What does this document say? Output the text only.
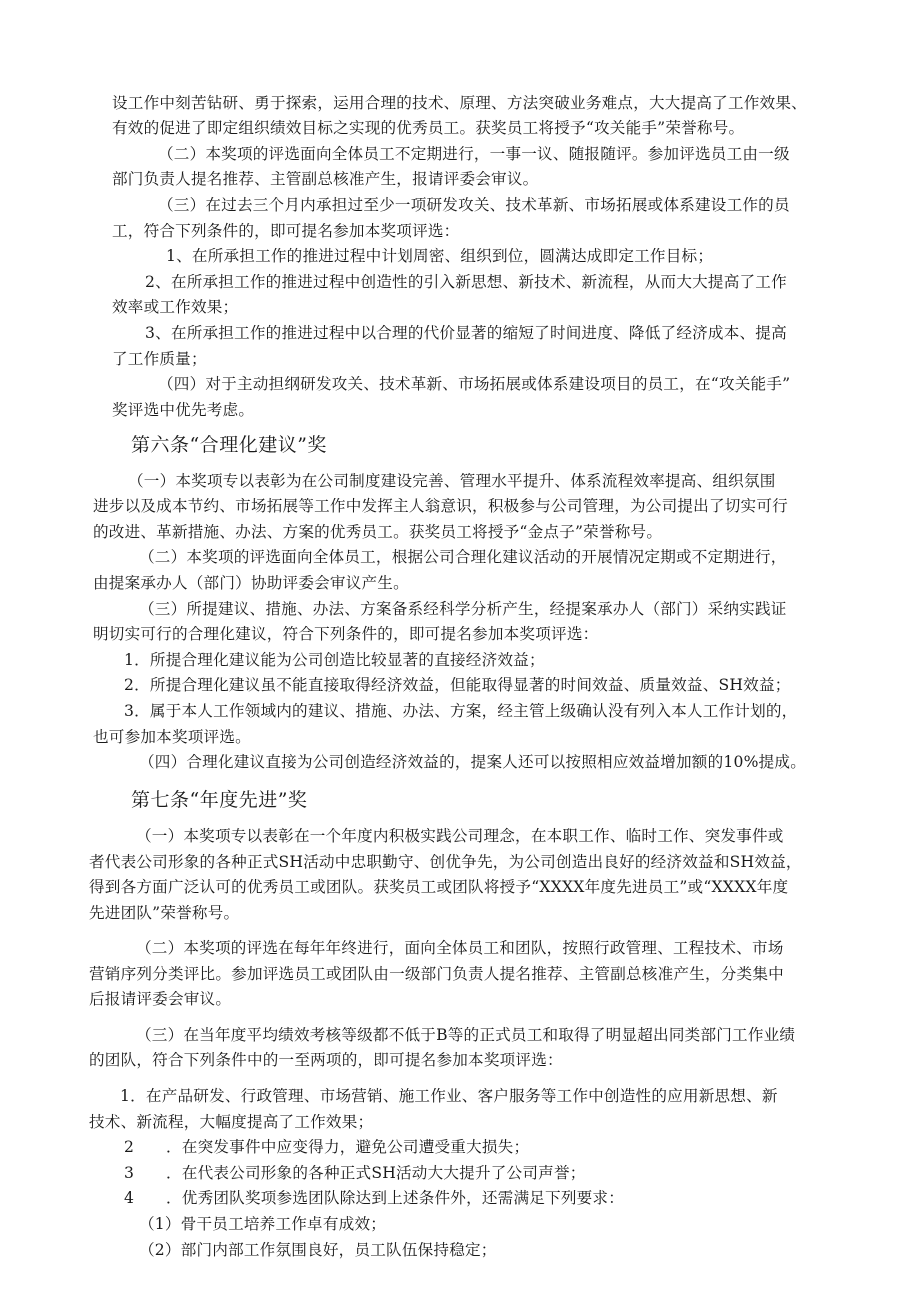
设工作中刻苦钻研、勇于探索，运用合理的技术、原理、方法突破业务难点，大大提高了工作效果、
有效的促进了即定组织绩效目标之实现的优秀员工。获奖员工将授予“攻关能手”荣誉称号。
（二）本奖项的评选面向全体员工不定期进行，一事一议、随报随评。参加评选员工由一级
部门负责人提名推荐、主管副总核准产生，报请评委会审议。
（三）在过去三个月内承担过至少一项研发攻关、技术革新、市场拓展或体系建设工作的员
工，符合下列条件的，即可提名参加本奖项评选：
1、在所承担工作的推进过程中计划周密、组织到位，圆满达成即定工作目标；
2、在所承担工作的推进过程中创造性的引入新思想、新技术、新流程，从而大大提高了工作
效率或工作效果；
3、在所承担工作的推进过程中以合理的代价显著的缩短了时间进度、降低了经济成本、提高
了工作质量；
（四）对于主动担纲研发攻关、技术革新、市场拓展或体系建设项目的员工，在“攻关能手”
奖评选中优先考虑。
第六条“合理化建议”奖
（一）本奖项专以表彰为在公司制度建设完善、管理水平提升、体系流程效率提高、组织氛围
进步以及成本节约、市场拓展等工作中发挥主人翁意识，积极参与公司管理，为公司提出了切实可行
的改进、革新措施、办法、方案的优秀员工。获奖员工将授予“金点子”荣誉称号。
（二）本奖项的评选面向全体员工，根据公司合理化建议活动的开展情况定期或不定期进行，
由提案承办人（部门）协助评委会审议产生。
（三）所提建议、措施、办法、方案备系经科学分析产生，经提案承办人（部门）采纳实践证
明切实可行的合理化建议，符合下列条件的，即可提名参加本奖项评选：
1．所提合理化建议能为公司创造比较显著的直接经济效益；
2．所提合理化建议虽不能直接取得经济效益，但能取得显著的时间效益、质量效益、SH效益；
3．属于本人工作领域内的建议、措施、办法、方案，经主管上级确认没有列入本人工作计划的，
也可参加本奖项评选。
（四）合理化建议直接为公司创造经济效益的，提案人还可以按照相应效益增加额的10%提成。
第七条“年度先进”奖
（一）本奖项专以表彰在一个年度内积极实践公司理念，在本职工作、临时工作、突发事件或
者代表公司形象的各种正式SH活动中忠职勤守、创优争先，为公司创造出良好的经济效益和SH效益，
得到各方面广泛认可的优秀员工或团队。获奖员工或团队将授予“XXXX年度先进员工”或“XXXX年度
先进团队”荣誉称号。
（二）本奖项的评选在每年年终进行，面向全体员工和团队，按照行政管理、工程技术、市场
营销序列分类评比。参加评选员工或团队由一级部门负责人提名推荐、主管副总核准产生，分类集中
后报请评委会审议。
（三）在当年度平均绩效考核等级都不低于B等的正式员工和取得了明显超出同类部门工作业绩
的团队，符合下列条件中的一至两项的，即可提名参加本奖项评选：
1．在产品研发、行政管理、市场营销、施工作业、客户服务等工作中创造性的应用新思想、新
技术、新流程，大幅度提高了工作效果；
2 ．在突发事件中应变得力，避免公司遭受重大损失；
3 ．在代表公司形象的各种正式SH活动大大提升了公司声誉；
4 ．优秀团队奖项参选团队除达到上述条件外，还需满足下列要求：
（1）骨干员工培养工作卓有成效；
（2）部门内部工作氛围良好，员工队伍保持稳定；
